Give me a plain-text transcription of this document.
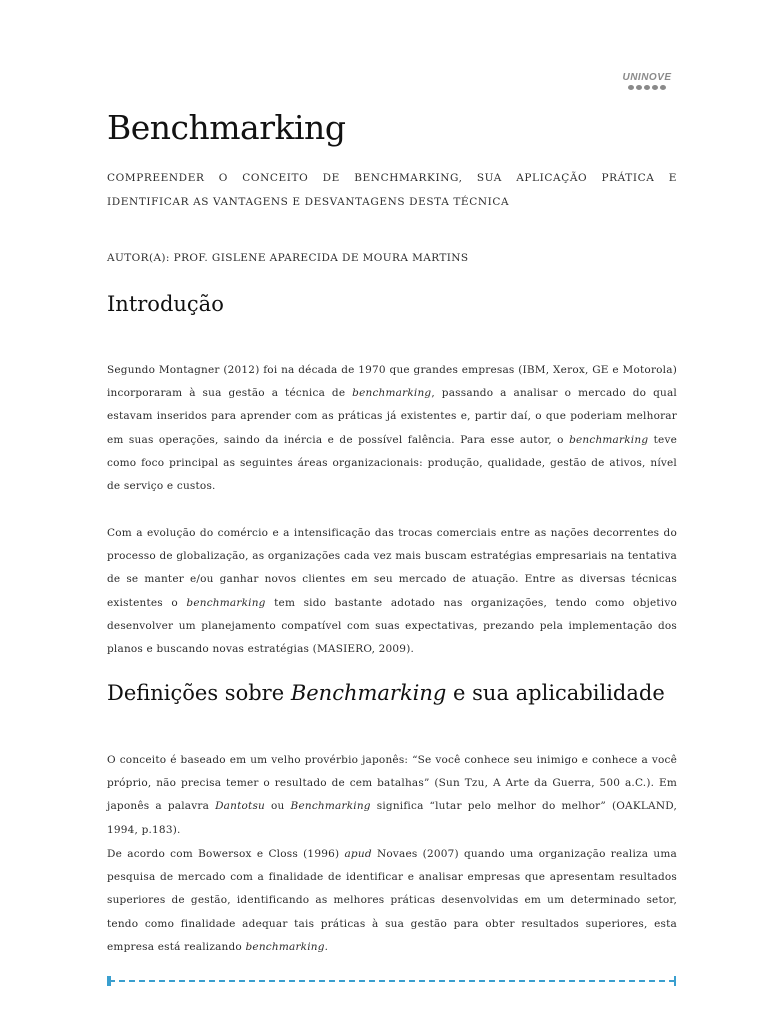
UNINOVE
Benchmarking

COMPREENDER O CONCEITO DE BENCHMARKING, SUA APLICAÇÃO PRÁTICA E IDENTIFICAR AS VANTAGENS E DESVANTAGENS DESTA TÉCNICA

AUTOR(A): PROF. GISLENE APARECIDA DE MOURA MARTINS

Introdução

Segundo Montagner (2012) foi na década de 1970 que grandes empresas (IBM, Xerox, GE e Motorola) incorporaram à sua gestão a técnica de benchmarking, passando a analisar o mercado do qual estavam inseridos para aprender com as práticas já existentes e, partir daí, o que poderiam melhorar em suas operações, saindo da inércia e de possível falência. Para esse autor, o benchmarking teve como foco principal as seguintes áreas organizacionais: produção, qualidade, gestão de ativos, nível de serviço e custos.

Com a evolução do comércio e a intensificação das trocas comerciais entre as nações decorrentes do processo de globalização, as organizações cada vez mais buscam estratégias empresariais na tentativa de se manter e/ou ganhar novos clientes em seu mercado de atuação. Entre as diversas técnicas existentes o benchmarking tem sido bastante adotado nas organizações, tendo como objetivo desenvolver um planejamento compatível com suas expectativas, prezando pela implementação dos planos e buscando novas estratégias (MASIERO, 2009).

Definições sobre Benchmarking e sua aplicabilidade

O conceito é baseado em um velho provérbio japonês: “Se você conhece seu inimigo e conhece a você próprio, não precisa temer o resultado de cem batalhas” (Sun Tzu, A Arte da Guerra, 500 a.C.). Em japonês a palavra Dantotsu ou Benchmarking significa “lutar pelo melhor do melhor” (OAKLAND, 1994, p.183).

De acordo com Bowersox e Closs (1996) apud Novaes (2007) quando uma organização realiza uma pesquisa de mercado com a finalidade de identificar e analisar empresas que apresentam resultados superiores de gestão, identificando as melhores práticas desenvolvidas em um determinado setor, tendo como finalidade adequar tais práticas à sua gestão para obter resultados superiores, esta empresa está realizando benchmarking.
